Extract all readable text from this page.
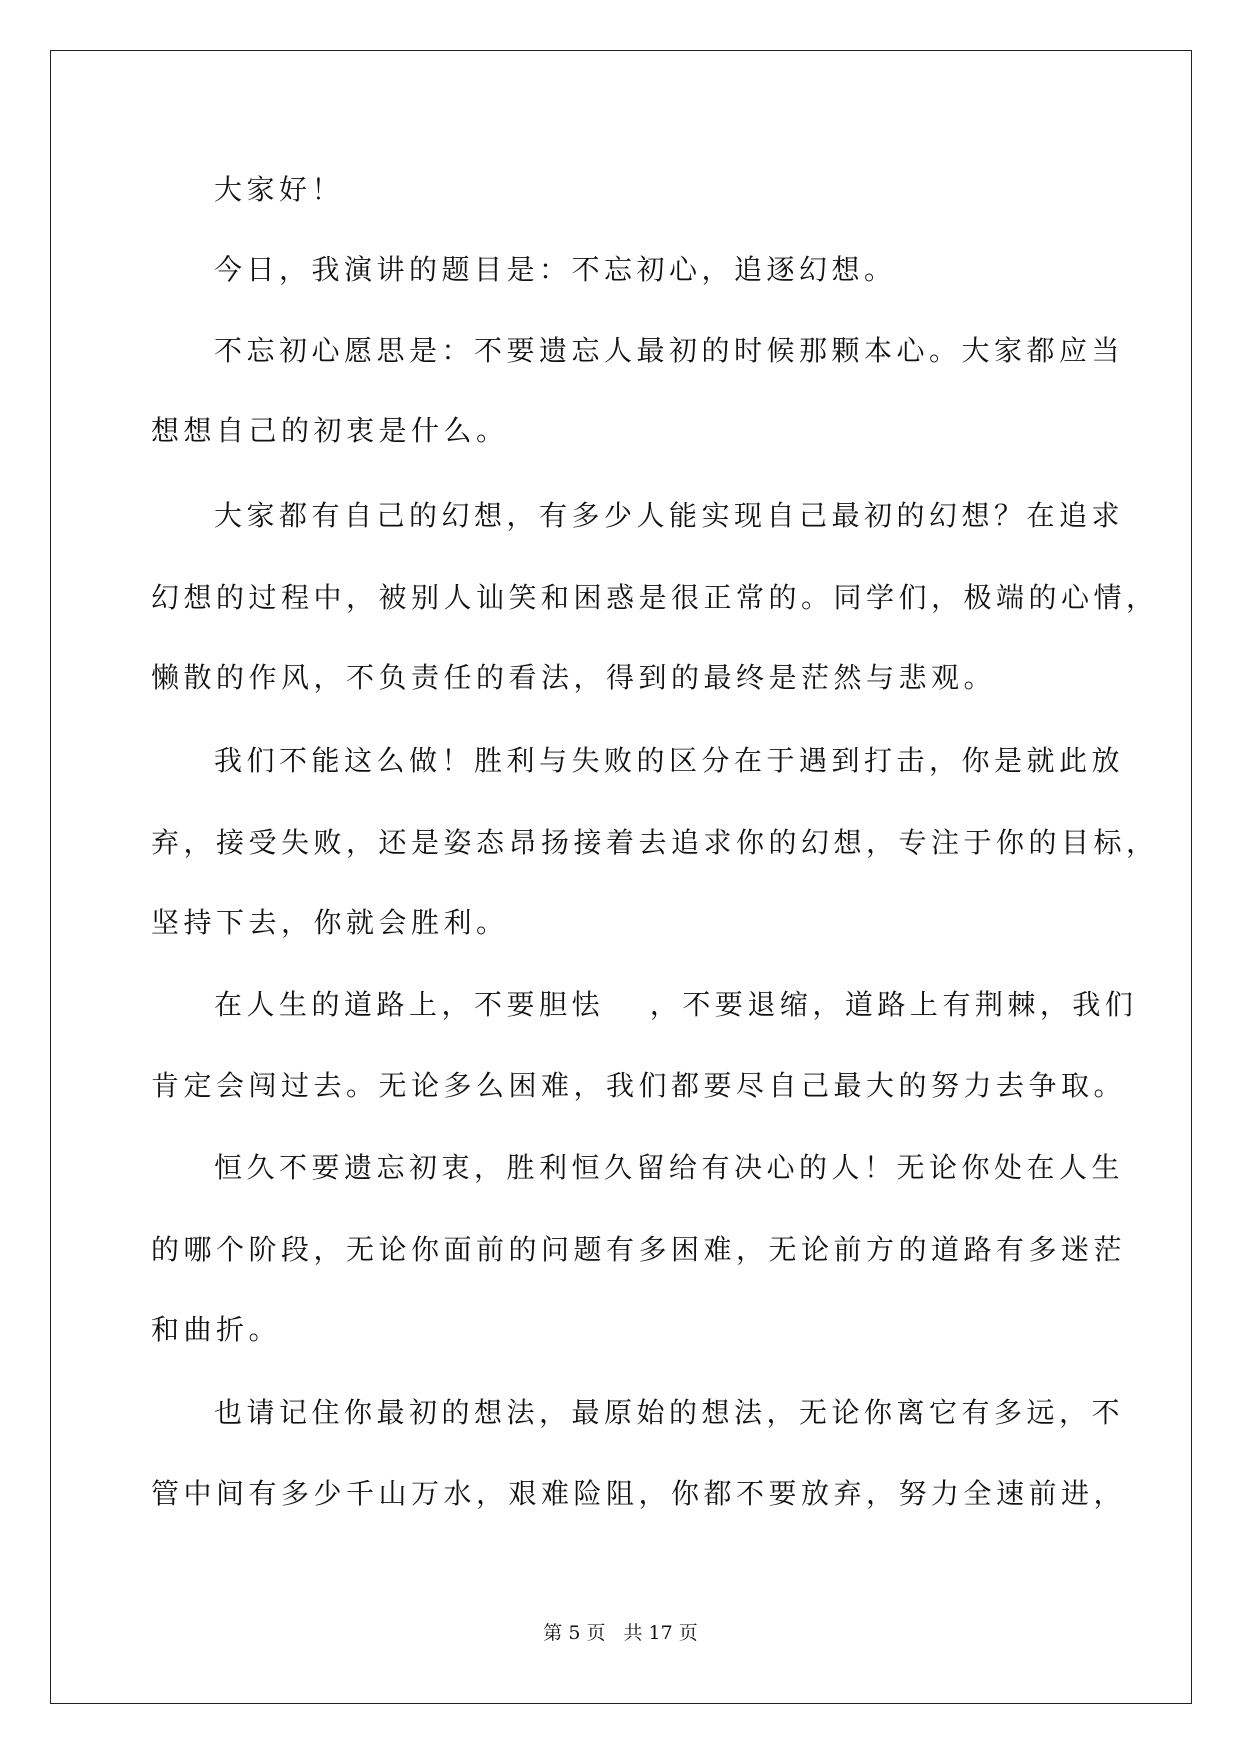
大家好！
今日，我演讲的题目是：不忘初心，追逐幻想。
不忘初心愿思是：不要遗忘人最初的时候那颗本心。大家都应当
想想自己的初衷是什么。
大家都有自己的幻想，有多少人能实现自己最初的幻想？在追求
幻想的过程中，被别人讪笑和困惑是很正常的。同学们，极端的心情，
懒散的作风，不负责任的看法，得到的最终是茫然与悲观。
我们不能这么做！胜利与失败的区分在于遇到打击，你是就此放
弃，接受失败，还是姿态昂扬接着去追求你的幻想，专注于你的目标，
坚持下去，你就会胜利。
在人生的道路上，不要胆怯　 ，不要退缩，道路上有荆棘，我们
肯定会闯过去。无论多么困难，我们都要尽自己最大的努力去争取。
恒久不要遗忘初衷，胜利恒久留给有决心的人！无论你处在人生
的哪个阶段，无论你面前的问题有多困难，无论前方的道路有多迷茫
和曲折。
也请记住你最初的想法，最原始的想法，无论你离它有多远，不
管中间有多少千山万水，艰难险阻，你都不要放弃，努力全速前进，
第 5 页 共 17 页
